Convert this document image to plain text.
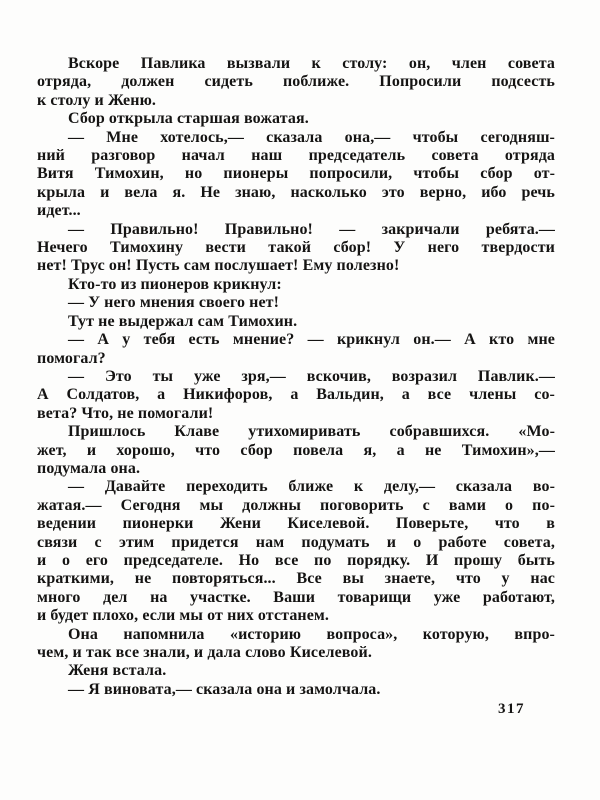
Вскоре Павлика вызвали к столу: он, член совета
отряда, должен сидеть поближе. Попросили подсесть
к столу и Женю.
Сбор открыла старшая вожатая.
— Мне хотелось,— сказала она,— чтобы сегодняш-
ний разговор начал наш председатель совета отряда
Витя Тимохин, но пионеры попросили, чтобы сбор от-
крыла и вела я. Не знаю, насколько это верно, ибо речь
идет...
— Правильно! Правильно! — закричали ребята.—
Нечего Тимохину вести такой сбор! У него твердости
нет! Трус он! Пусть сам послушает! Ему полезно!
Кто-то из пионеров крикнул:
— У него мнения своего нет!
Тут не выдержал сам Тимохин.
— А у тебя есть мнение? — крикнул он.— А кто мне
помогал?
— Это ты уже зря,— вскочив, возразил Павлик.—
А Солдатов, а Никифоров, а Вальдин, а все члены со-
вета? Что, не помогали!
Пришлось Клаве утихомиривать собравшихся. «Мо-
жет, и хорошо, что сбор повела я, а не Тимохин»,—
подумала она.
— Давайте переходить ближе к делу,— сказала во-
жатая.— Сегодня мы должны поговорить с вами о по-
ведении пионерки Жени Киселевой. Поверьте, что в
связи с этим придется нам подумать и о работе совета,
и о его председателе. Но все по порядку. И прошу быть
краткими, не повторяться... Все вы знаете, что у нас
много дел на участке. Ваши товарищи уже работают,
и будет плохо, если мы от них отстанем.
Она напомнила «историю вопроса», которую, впро-
чем, и так все знали, и дала слово Киселевой.
Женя встала.
— Я виновата,— сказала она и замолчала.
317
